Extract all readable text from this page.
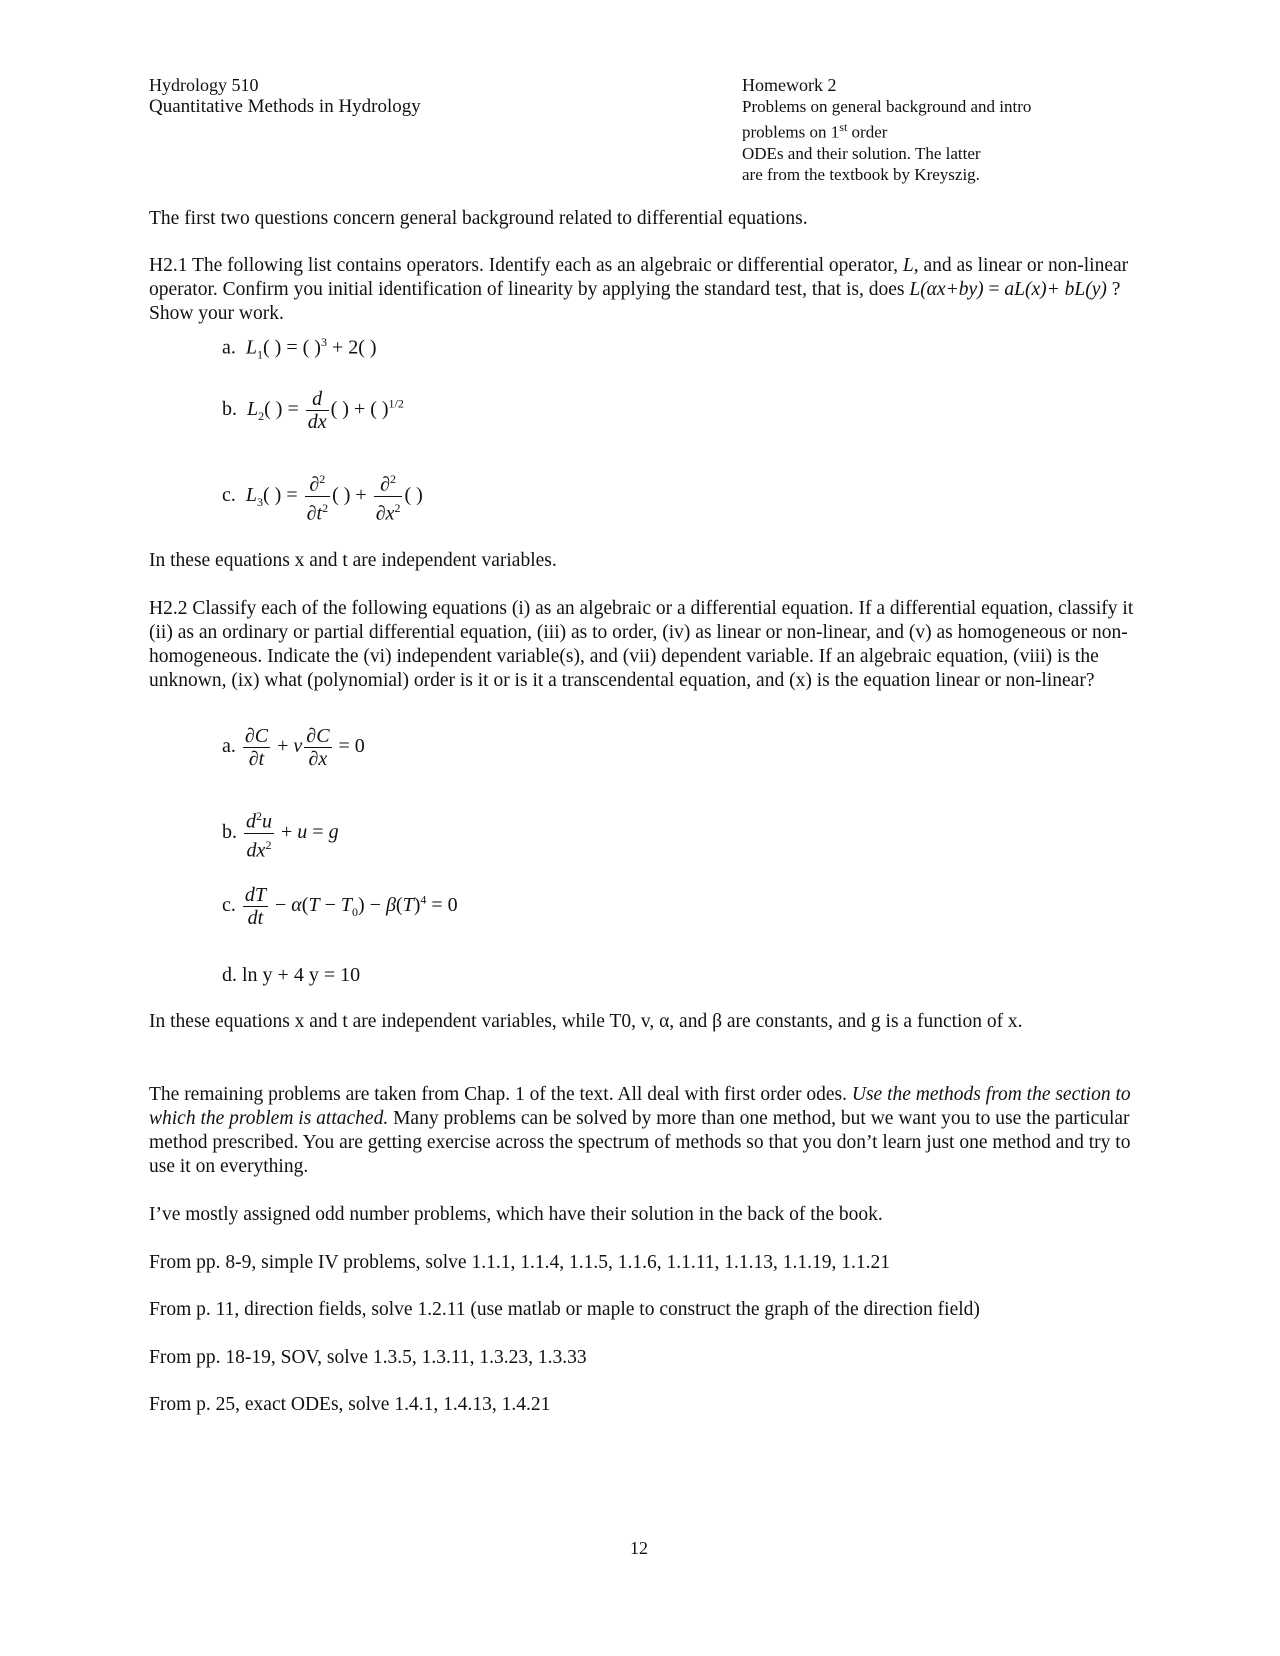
Hydrology 510
Quantitative Methods in Hydrology
Homework 2
Problems on general background and intro
problems on 1st order
ODEs and their solution. The latter
are from the textbook by Kreyszig.
The first two questions concern general background related to differential equations.
H2.1 The following list contains operators. Identify each as an algebraic or differential operator, L, and as linear or non-linear operator. Confirm you initial identification of linearity by applying the standard test, that is, does L(αx+by) = aL(x)+ bL(y) ? Show your work.
a. $L_1$( ) = ( )$^3$ + 2( )
b. $L_2$( ) = $\frac{d}{dx}$ ( ) + ( )$^{1/2}$
c. $L_3$( ) = $\frac{\partial^2}{\partial t^2}$ ( ) + $\frac{\partial^2}{\partial x^2}$ ( )
In these equations x and t are independent variables.
H2.2 Classify each of the following equations (i) as an algebraic or a differential equation. If a differential equation, classify it (ii) as an ordinary or partial differential equation, (iii) as to order, (iv) as linear or non-linear, and (v) as homogeneous or non-homogeneous. Indicate the (vi) independent variable(s), and (vii) dependent variable. If an algebraic equation, (viii) is the unknown, (ix) what (polynomial) order is it or is it a transcendental equation, and (x) is the equation linear or non-linear?
a. $\frac{\partial C}{\partial t} + v \frac{\partial C}{\partial x} = 0$
b. $\frac{d^2u}{dx^2} + u = g$
c. $\frac{dT}{dt} - \alpha(T - T_0) - \beta(T)^4 = 0$
d. ln y + 4 y = 10
In these equations x and t are independent variables, while T0, v, α, and β are constants, and g is a function of x.
The remaining problems are taken from Chap. 1 of the text. All deal with first order odes. Use the methods from the section to which the problem is attached. Many problems can be solved by more than one method, but we want you to use the particular method prescribed. You are getting exercise across the spectrum of methods so that you don’t learn just one method and try to use it on everything.
I’ve mostly assigned odd number problems, which have their solution in the back of the book.
From pp. 8-9, simple IV problems, solve 1.1.1, 1.1.4, 1.1.5, 1.1.6, 1.1.11, 1.1.13, 1.1.19, 1.1.21
From p. 11, direction fields, solve 1.2.11 (use matlab or maple to construct the graph of the direction field)
From pp. 18-19, SOV, solve 1.3.5, 1.3.11, 1.3.23, 1.3.33
From p. 25, exact ODEs, solve 1.4.1, 1.4.13, 1.4.21
12
